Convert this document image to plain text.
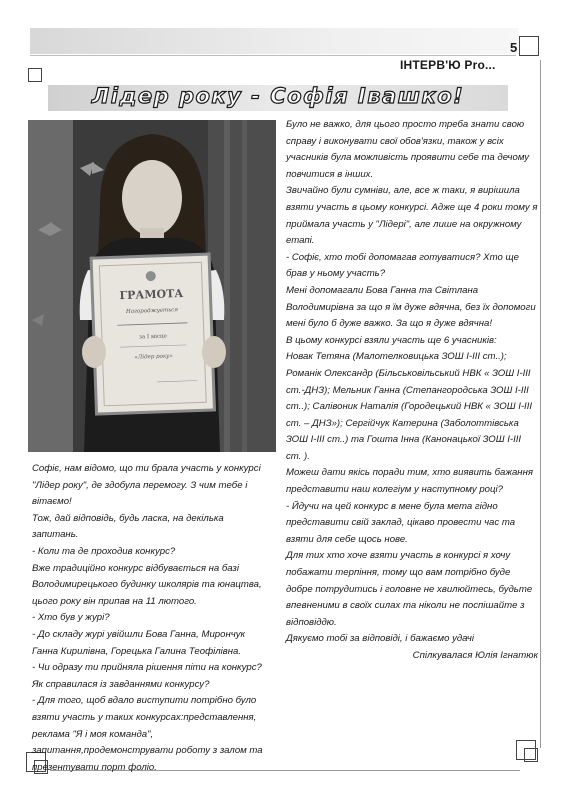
5
ІНТЕРВ'Ю Pro...
Лідер року - Софія Івашко!
ГРАМОТА
Нагороджується
за І місце
«Лідер року»

Було не важко, для цього просто треба знати свою справу і виконувати свої обов'язки, також у всіх учасників була можливість проявити себе та дечому повчитися в інших.

Звичайно були сумніви, але, все ж таки, я вирішила взяти участь в цьому конкурсі. Адже ще 4 роки тому я приймала участь у "Лідері", але лише на окружному етапі.

- Софіє, хто тобі допомагав готуватися? Хто ще брав у ньому участь?

Мені допомагали Бова Ганна та Світлана Володимирівна за що я їм дуже вдячна, без їх допомоги мені було б дуже важко. За що я дуже вдячна!

В цьому конкурсі взяли участь ще 6 учасників:

Новак Тетяна (Малотелковицька ЗОШ І-ІІІ ст..); Романік Олександр (Більськовільський НВК « ЗОШ І-ІІІ ст.-ДНЗ); Мельник Ганна (Степангородська ЗОШ І-ІІІ ст..); Салівоник Наталія (Городецький НВК « ЗОШ І-ІІІ ст. – ДНЗ»); Сергійчук Катерина (Заболоттівська ЗОШ І-ІІІ ст..) та Гошта Інна (Канонацької ЗОШ І-ІІІ ст. ).

Можеш дати якісь поради тим, хто виявить бажання представити наш колегіум у наступному році?

- Йдучи на цей конкурс в мене була мета гідно представити свій заклад, цікаво провести час та взяти для себе щось нове.

Для тих хто хоче взяти участь в конкурсі я хочу побажати терпіння, тому що вам потрібно буде добре потрудитись і головне не хвилюйтесь, будьте впевненими в своїх силах та ніколи не поспішайте з відповіддю.

Дякуємо тобі за відповіді, і бажаємо удачі

Спілкувалася Юлія Ігнатюк

Софіє, нам відомо, що ти брала участь у конкурсі "Лідер року", де здобула перемогу. З чим тебе і вітаємо!

Тож, дай відповідь, будь ласка, на декілька запитань.

- Коли та де проходив конкурс?

Вже традиційно конкурс відбувається на базі Володимирецького будинку школярів та юнацтва, цього року він припав на 11 лютого.

- Хто був у журі?

- До складу журі увійшли Бова Ганна, Мирончук Ганна Кирилівна, Горецька Галина Теофілівна.

- Чи одразу ти прийняла рішення піти на конкурс? Як справилася із завданнями конкурсу?

- Для того, щоб вдало виступити потрібно було взяти участь у таких конкурсах:представлення, реклама "Я і моя команда", запитання,продемонструвати роботу з залом та презентувати порт фоліо.
